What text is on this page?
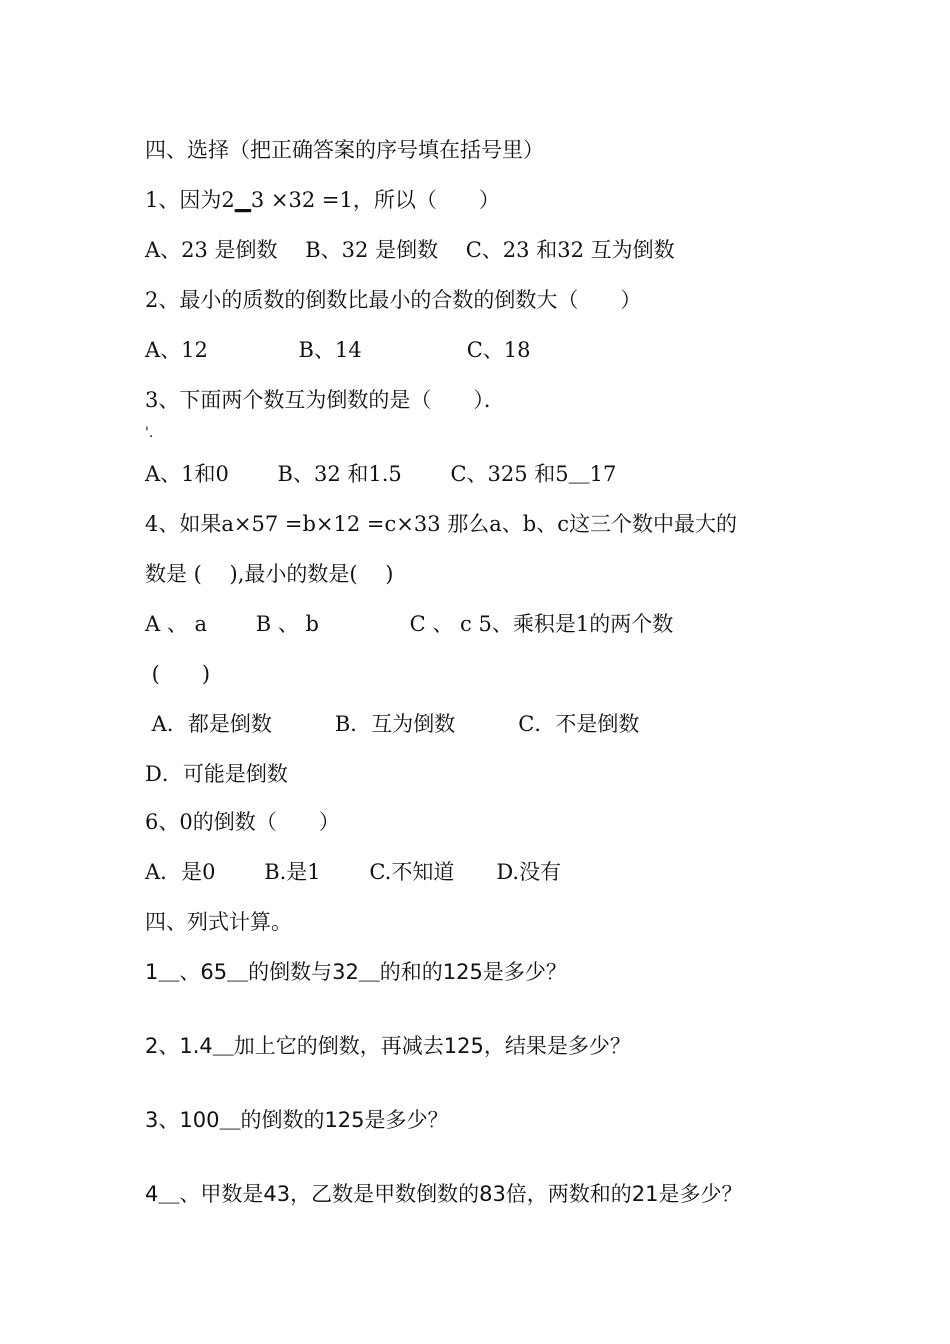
四、选择（把正确答案的序号填在括号里）
1、因为2▁3 ×32 =1，所以（　　）
A、23 是倒数　 B、32 是倒数　 C、23 和32 互为倒数
2、最小的质数的倒数比最小的合数的倒数大（　　）
A、12　　　　 B、14　　　　　C、18
3、下面两个数互为倒数的是（　　）．
'.
A、1和0　　 B、32 和1.5　　 C、325 和5＿17
4、如果a×57 =b×12 =c×33 那么a、b、c这三个数中最大的
数是 (　 ),最小的数是(　 )
A 、 a　　 B 、 b　　　　 C 、 c 5、乘积是1的两个数
(　　)
A．都是倒数　　　B．互为倒数　　　C．不是倒数
D．可能是倒数
6、0的倒数（　　）
A．是0　　 B.是1　　 C.不知道　　D.没有
四、列式计算。
1＿、65＿的倒数与32＿的和的125是多少？
2、1.4＿加上它的倒数，再减去125，结果是多少？
3、100＿的倒数的125是多少？
4＿、甲数是43，乙数是甲数倒数的83倍，两数和的21是多少？
